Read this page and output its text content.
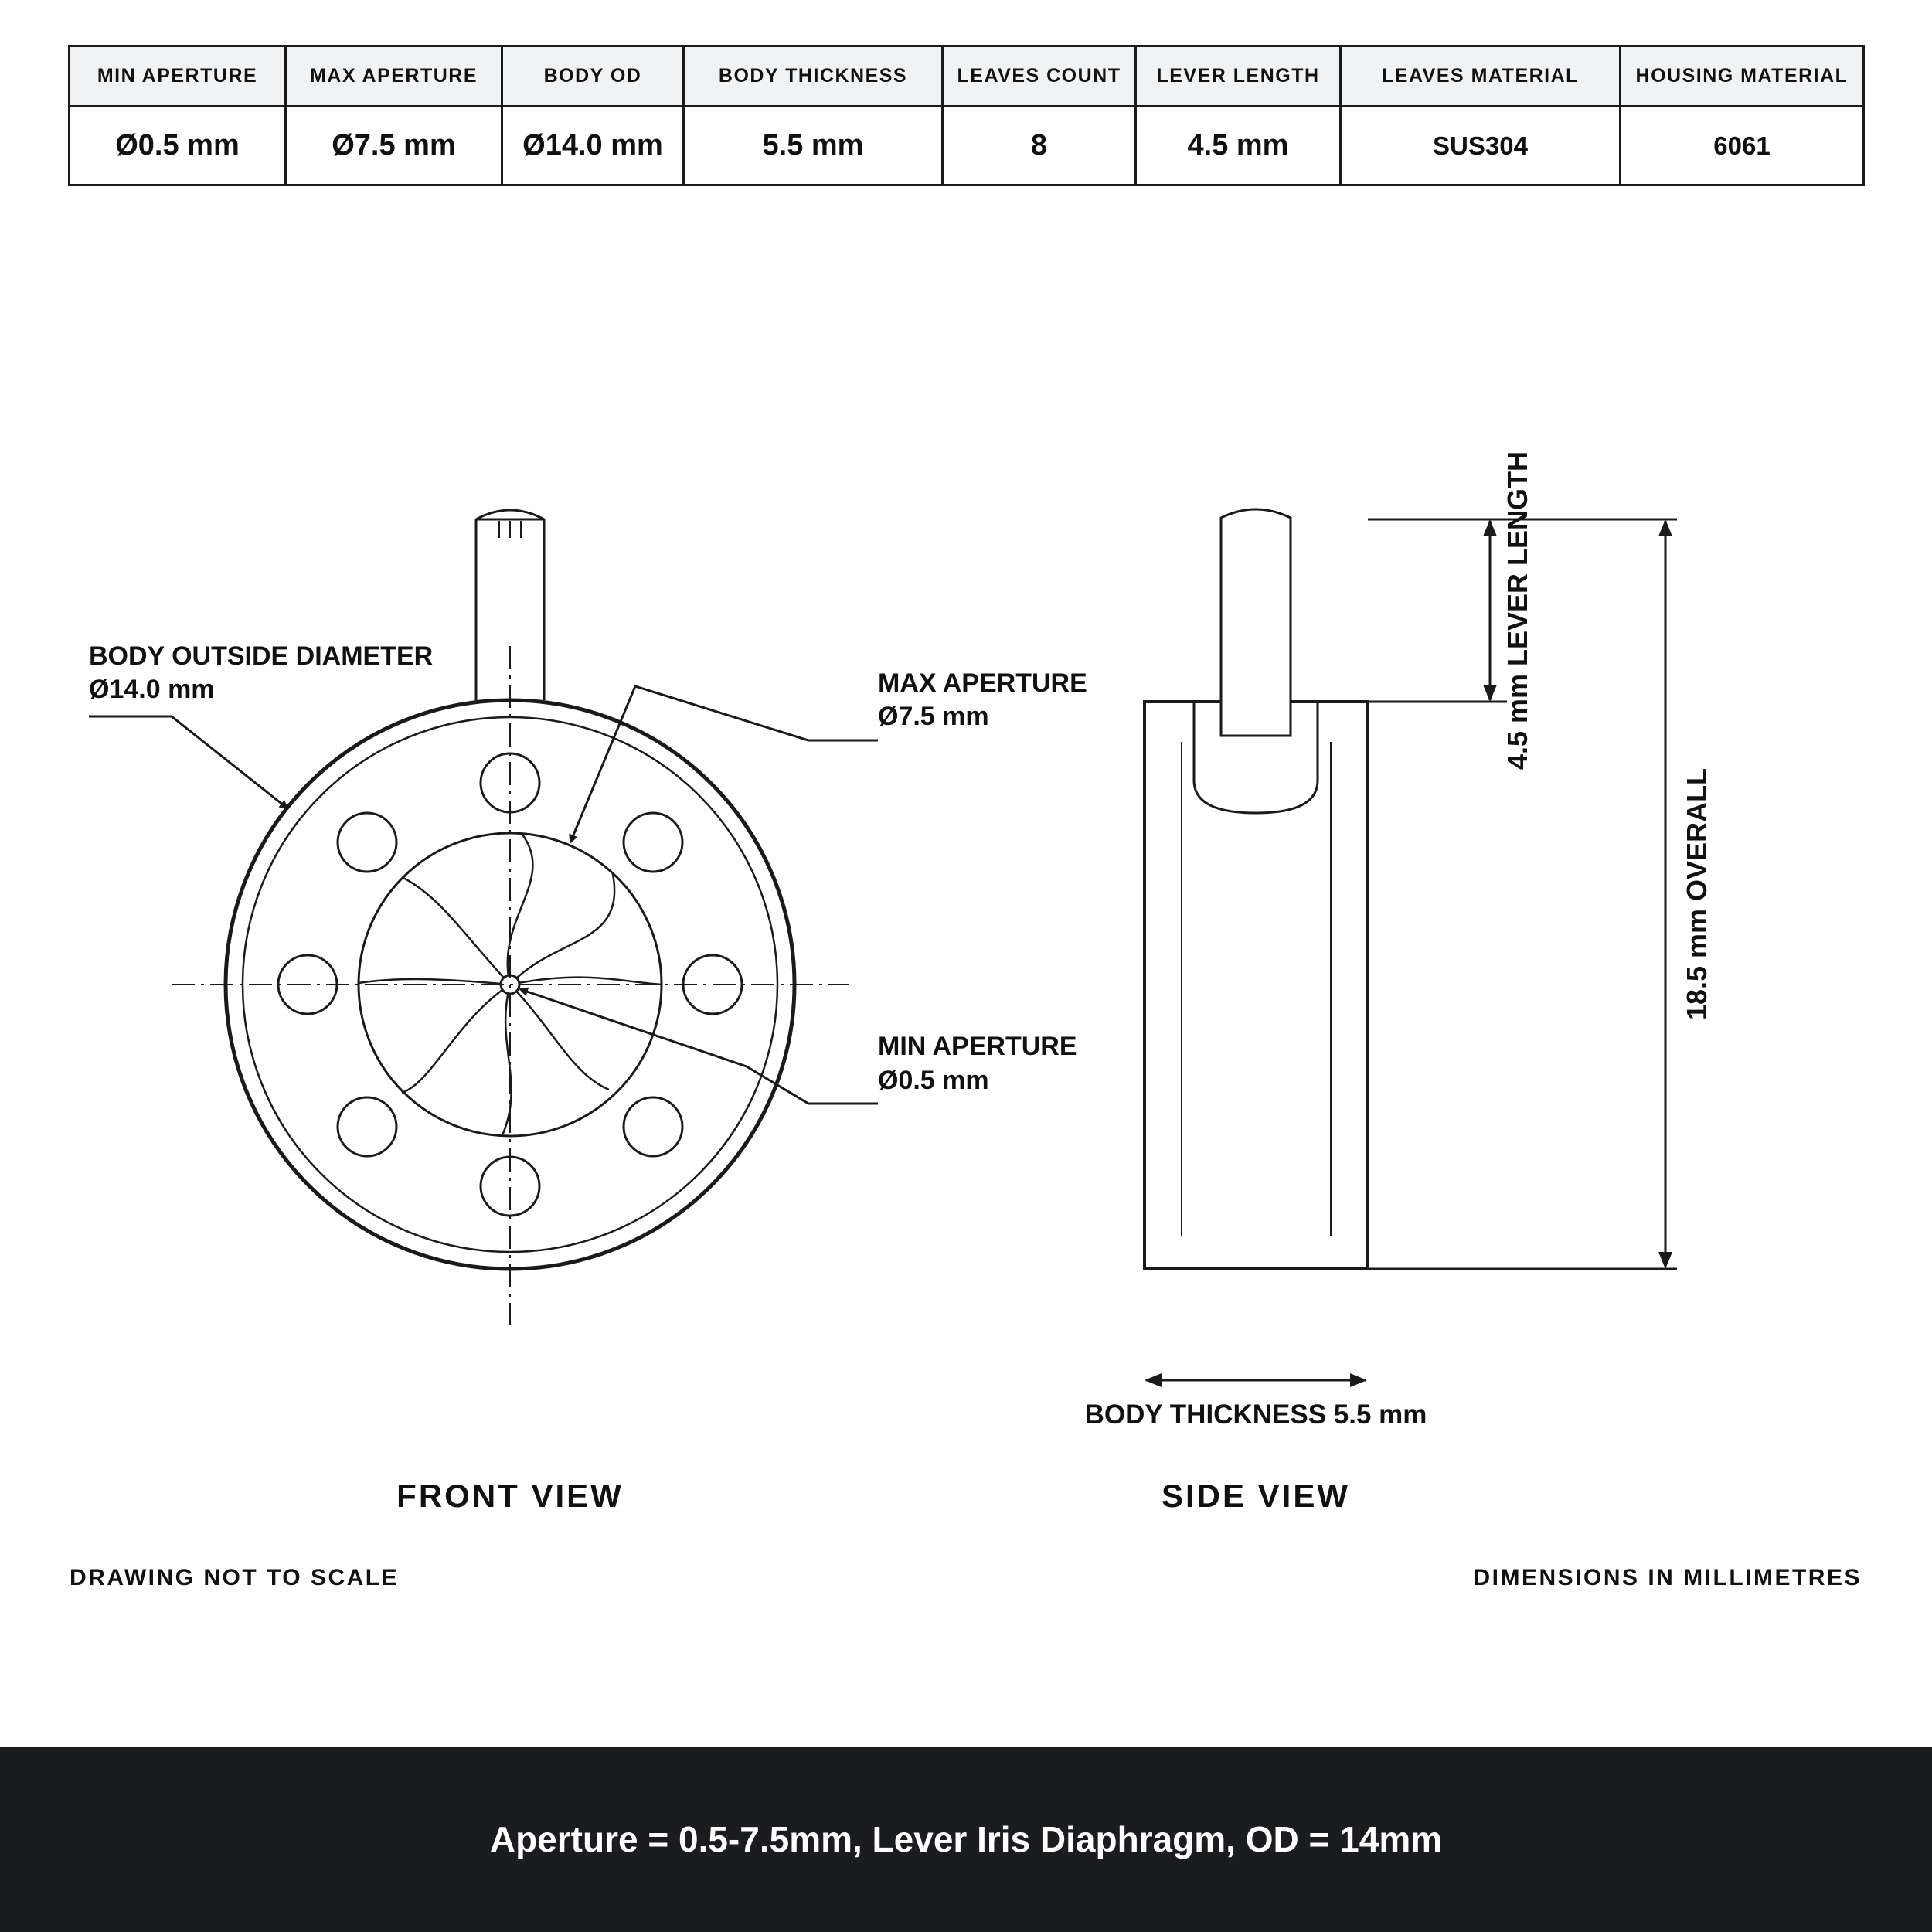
MIN APERTURE	MAX APERTURE	BODY OD	BODY THICKNESS	LEAVES COUNT	LEVER LENGTH	LEAVES MATERIAL	HOUSING MATERIAL
Ø0.5 mm	Ø7.5 mm	Ø14.0 mm	5.5 mm	8	4.5 mm	SUS304	6061
BODY OUTSIDE DIAMETER
Ø14.0 mm	MAX APERTURE
Ø7.5 mm
MIN APERTURE
Ø0.5 mm
4.5 mm LEVER LENGTH
18.5 mm OVERALL
BODY THICKNESS 5.5 mm
FRONT VIEW	SIDE VIEW
DRAWING NOT TO SCALE	DIMENSIONS IN MILLIMETRES
Aperture = 0.5-7.5mm, Lever Iris Diaphragm, OD = 14mm
